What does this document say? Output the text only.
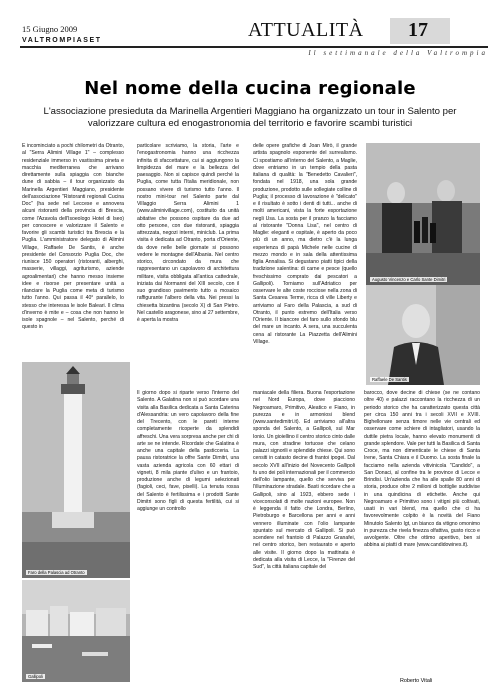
15 Giugno 2009
VALTROMPIASET	ATTUALITÀ 17
Il settimanale della Valtrompia
Nel nome della cucina regionale
L'associazione presieduta da Marinella Argentieri Maggiano ha organizzato un tour in Salento per valorizzare cultura ed enogastronomia del territorio e favorire scambi turistici

È incominciato a pochi chilometri da Otranto, al "Serra Alimini Village 1" – complesso residenziale immerso in vastissima pineta e macchia mediterranea che arrivano direttamente sulla spiaggia con bianche dune di sabbia – il tour organizzato da Marinella Argentieri Maggiano, presidente dell'associazione "Ristoranti regionali Cucina Doc" (ha sede nel Leccese e annovera alcuni ristoranti della provincia di Brescia, come l'Azavola dell'Isoeologo Hotel di Iseo) per conoscere e valorizzare il Salento e favorire gli scambi turistici tra Brescia e la Puglia. L'amministratore delegato di Alimini Village, Raffaele De Santis, è anche presidente del Consorzio Puglia Doc, che riunisce 150 operatori (ristoranti, alberghi, masserie, villaggi, agriturismo, aziende agroalimentari) che hanno messo insieme idee e risorse per presentare unità a rilanciare la Puglia come meta di turismo tutto l'anno. Qui passa il 40° parallelo, lo stesso che interessa le isole Baleari. Il clima d'inverno è mite e – cosa che non hanno le isole spagnole – nel Salento, perché di questo in

particolare scriviamo, la storia, l'arte e l'enogastronomia hanno una ricchezza infinita di sfaccettature, cui si aggiungono la limpidezza del mare e la bellezza del paesaggio. Non si capisce quindi perché la Puglia, come tutta l'Italia meridionale, non possano vivere di turismo tutto l'anno. Il nostro mini-tour nel Salento parte dal Villaggio Serra Alimini 1 (www.aliminivillage.com), costituito da unità abitative che possono ospitare da due ad otto persone, con due ristoranti, spiaggia attrezzata, negozi interni, miniclub. La prima visita è dedicata ad Otranto, porta d'Oriente, da dove nelle belle giornate si possono vedere le montagne dell'Albania. Nel centro storico, circondato da mura che rappresentano un capolavoro di architettura militare, visita obbligata all'antica cattedrale, iniziata dai Normanni del XIII secolo, con il suo grandioso pavimento tutto a mosaico raffigurante l'albero della vita. Nei pressi la chiesetta bizantina (secolo X) di San Pietro. Nel castello aragonese, sino al 27 settembre, è aperta la mostra

delle opere grafiche di Joan Mirò, il grande artista spagnolo esponente del surrealismo. Ci spostiamo all'interno del Salento, a Maglie, dove entriamo in un tempio della pasta italiana di qualità: la "Benedetto Cavalieri", fondata nel 1918, una sola grande produzione, prodotto sulle sollegiate colline di Puglia; il processo di lavorazione è "delicato" e il risultato è sotto i denti di tutti... anche di molti americani, vista la forte esportazione negli Usa. La sosta per il pranzo la facciamo al ristorante "Donna Lisa", nel centro di Maglie: eleganti e ospitale, è aperto da poco più di un anno, ma dietro c'è la lunga esperienza di papà Michele nelle cucine di mezzo mondo e in sala della attentissima figlia Annalisa. Si degustano piatti tipici della tradizione salentina: di carne e pesce (quello freschissimo comprato dai pescatori a Gallipoli). Torniamo sull'Adriatico per osservare le alte coste rocciose nella zona di Santa Cesarea Terme, ricca di ville Liberty e arriviamo al Faro della Palascia, a sud di Otranto, il punto estremo dell'Italia verso l'Oriente. Il biancore del faro sullo sfondo blu del mare un incanto. A sera, una succulenta cena al ristorante La Piazzetta dell'Alimini Village.

Il giorno dopo si riparte verso l'interno del Salento. A Galatina non si può scordare una visita alla Basilica dedicata a Santa Caterina d'Alessandria: un vero capolavoro della fine del Trecento, con le pareti interne completamente ricoperte da splendidi affreschi. Una vera sorpresa anche per chi di arte se ne intende. Ricordate che Galatina è anche una capitale della pasticceria. La pausa ristoratrice la offre Sante Dimitri, una vasta azienda agricola con 60 ettari di vigneti, 8 mila piante d'ulivo e un frantoio, produzione anche di legumi selezionati (fagioli, ceci, fave, piselli). La tenuta rossa del Salento è fertilissima e i prodotti Sante Dimitri sono figli di questa fertilità, cui si aggiunge un controllo

maniacale della filiera. Buona l'esportazione nel Nord Europa, dove piacciono Negroamaro, Primitivo, Aleatico e Fiano, in purezza e in armoniosi blend (www.santedimitri.it). Ed arriviamo all'altra sponda del Salento, a Gallipoli, sul Mar Ionio. Un gioiellino il centro storico cinto dalle mura, con stradine tortuose che celano palazzi signorili e splendide chiese. Qui sono censiti in catasto decine di frantoi ipogei. Dal secolo XVII all'inizio del Novecento Gallipoli fu uno dei poli internazionali per il commercio dell'olio lampante, quello che serviva per l'illuminazione stradale. Basti ricordare che a Gallipoli, sino al 1923, ebbero sede i viceconsolati di molte nazioni europee. Non è leggenda il fatto che Londra, Berlino, Pietroburgo e Barcellona per anni e anni vennero illuminate con l'olio lampante spuntato sul mercato di Gallipoli. Si può scendere nel frantoio di Palazzo Granafei, nel centro storico, ben restaurato e aperto alle visite. Il giorno dopo la mattinata è dedicata alla visita di Lecce, la "Firenze del Sud", la città italiana capitale del

barocco, dove decine di chiese (se ne contano oltre 40) e palazzi raccontano la ricchezza di un periodo storico che ha caratterizzato questa città per circa 150 anni tra i secoli XVII e XVIII. Bighellonare senza timore nelle vie centrali ed osservare come schiere di intagliatori, usando la duttile pietra locale, hanno elevato monumenti di grande splendore. Vale per tutti la Basilica di Santa Croce, ma non dimenticate le chiese di Santa Irene, Santa Chiara e il Duomo. La sosta finale la facciamo nella azienda vitivinicola "Candido", a San Donaci, al confine tra le province di Lecce e Brindisi. Un'azienda che ha alle spalle 80 anni di storia, produce oltre 2 milioni di bottiglie suddivise in una quindicina di etichette. Anche qui Negroamaro e Primitivo sono i vitigni più coltivati, usati in vari blend, ma quello che ci ha favorevolmente colpito è la novità del Fiano Minutolo Salento Igt, un bianco da vitigno omonimo in purezza che rivela finezza olfattiva, gusto ricco e avvolgente. Oltre che ottimo aperitivo, ben si abbina ai piatti di mare (www.candidowines.it).

Augusto Vincenzo e Carlo Sante Dimitri
Raffaele De Santis
Faro della Palascia ad Otranto
Gallipoli
Roberto Vitali
